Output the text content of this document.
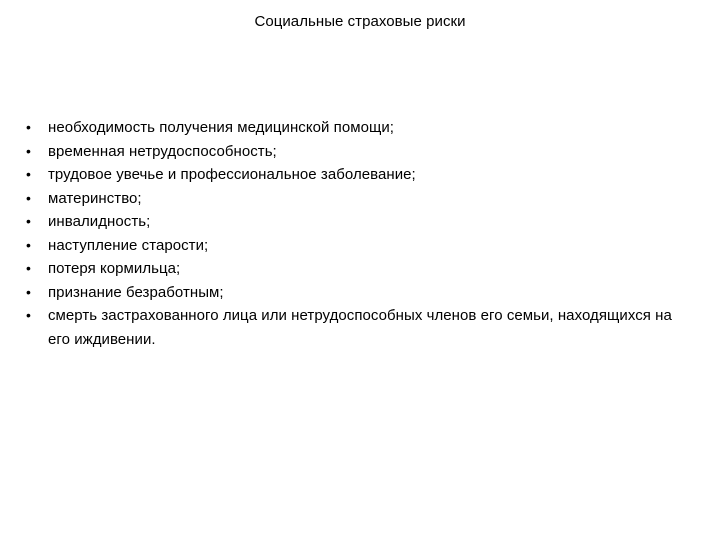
Социальные страховые риски
•	необходимость получения медицинской помощи;
•	временная нетрудоспособность;
•	трудовое увечье и профессиональное заболевание;
•	материнство;
•	инвалидность;
•	наступление старости;
•	потеря кормильца;
•	признание безработным;
•	смерть застрахованного лица или нетрудоспособных членов его семьи, находящихся на его иждивении.
